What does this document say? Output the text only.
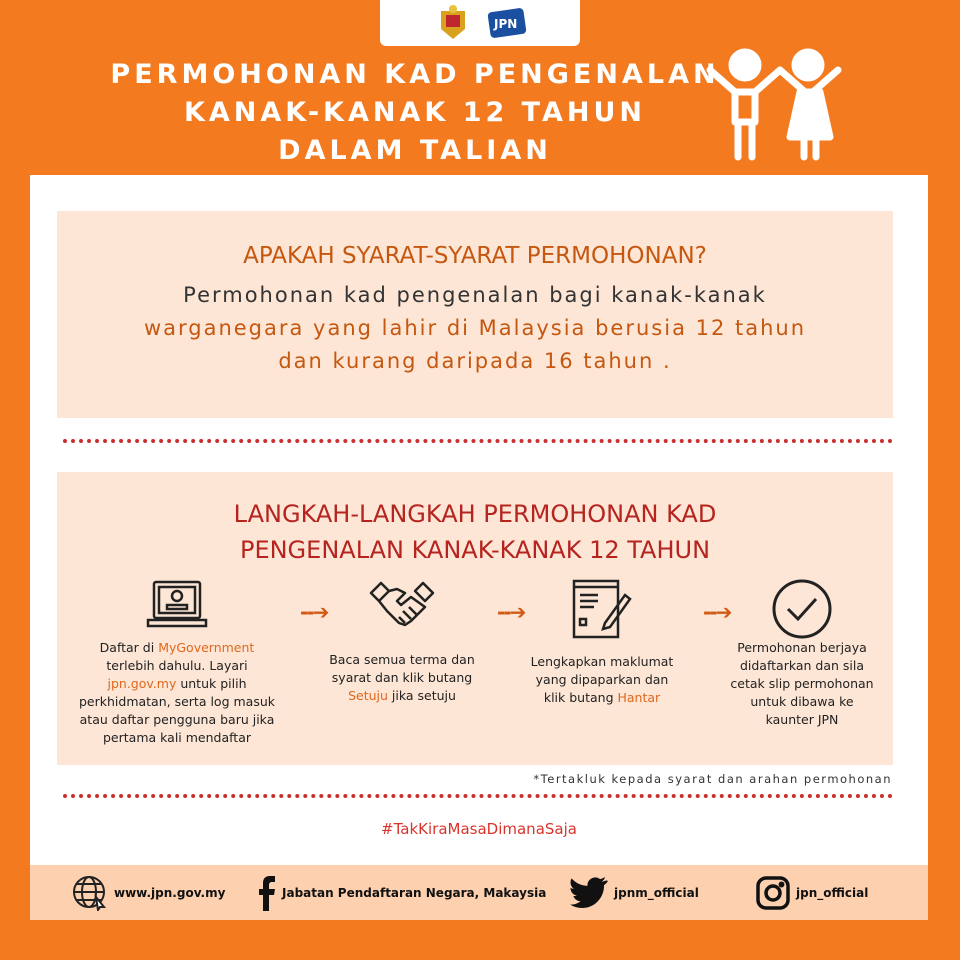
JPN
PERMOHONAN KAD PENGENALAN
KANAK-KANAK 12 TAHUN
DALAM TALIAN
APAKAH SYARAT-SYARAT PERMOHONAN?
Permohonan kad pengenalan bagi kanak-kanak
warganegara yang lahir di Malaysia berusia 12 tahun
dan kurang daripada 16 tahun .
LANGKAH-LANGKAH PERMOHONAN KAD
PENGENALAN KANAK-KANAK 12 TAHUN
Daftar di MyGovernment terlebih dahulu. Layari jpn.gov.my untuk pilih perkhidmatan, serta log masuk atau daftar pengguna baru jika pertama kali mendaftar
--➔
Baca semua terma dan syarat dan klik butang Setuju jika setuju
--➔
Lengkapkan maklumat yang dipaparkan dan klik butang Hantar
--➔
Permohonan berjaya didaftarkan dan sila cetak slip permohonan untuk dibawa ke kaunter JPN
*Tertakluk kepada syarat dan arahan permohonan
#TakKiraMasaDimanaSaja
www.jpn.gov.my	Jabatan Pendaftaran Negara, Makaysia	jpnm_official	jpn_official
